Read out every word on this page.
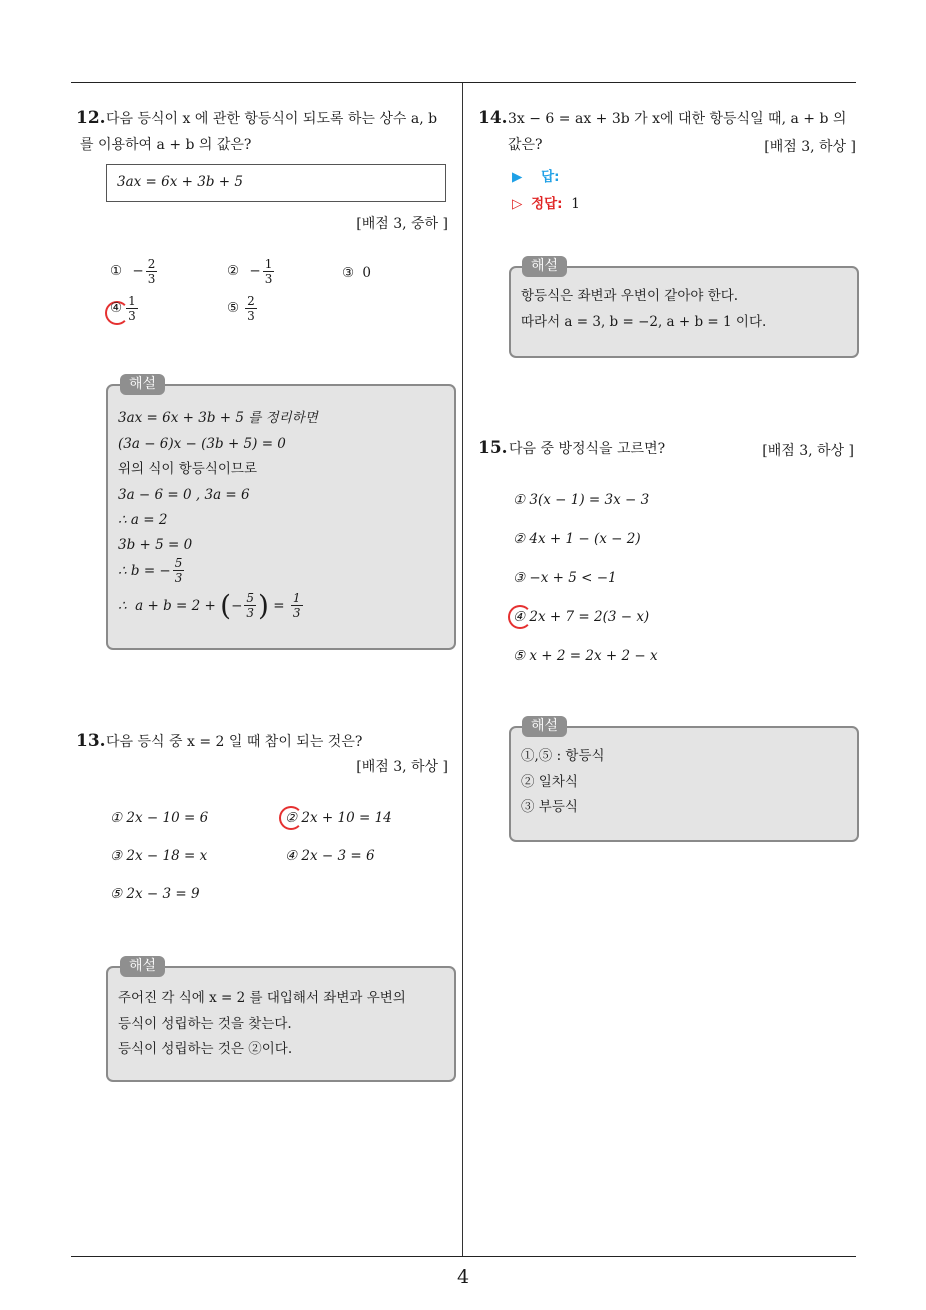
4
12. 다음 등식이 x 에 관한 항등식이 되도록 하는 상수 a, b
를 이용하여 a + b 의 값은?
3ax = 6x + 3b + 5
[배점 3, 중하 ]
① − $\frac{2}{3}$	② − $\frac{1}{3}$	③ 0
④ $\frac{1}{3}$	⑤ $\frac{2}{3}$
3ax = 6x + 3b + 5 를 정리하면
(3a − 6)x − (3b + 5) = 0
위의 식이 항등식이므로
3a − 6 = 0 , 3a = 6
∴ a = 2
3b + 5 = 0
∴ b = − $\frac{5}{3}$
∴  a + b = 2 + ( − $\frac{5}{3}$ ) = $\frac{1}{3}$
해설
13. 다음 등식 중 x = 2 일 때 참이 되는 것은?
[배점 3, 하상 ]
① 2x − 10 = 6	② 2x + 10 = 14
③ 2x − 18 = x	④ 2x − 3 = 6
⑤ 2x − 3 = 9
주어진 각 식에 x = 2 를 대입해서 좌변과 우변의
등식이 성립하는 것을 찾는다.
등식이 성립하는 것은 ②이다.
해설
14. 3x − 6 = ax + 3b 가 x에 대한 항등식일 때, a + b 의
값은?	[배점 3, 하상 ]
▶ 답:
▷ 정답: 1
항등식은 좌변과 우변이 같아야 한다.
따라서 a = 3, b = −2, a + b = 1 이다.
해설
15. 다음 중 방정식을 고르면?	[배점 3, 하상 ]
① 3(x − 1) = 3x − 3
② 4x + 1 − (x − 2)
③ −x + 5 < −1
④ 2x + 7 = 2(3 − x)
⑤ x + 2 = 2x + 2 − x
①,⑤ : 항등식
② 일차식
③ 부등식
해설
